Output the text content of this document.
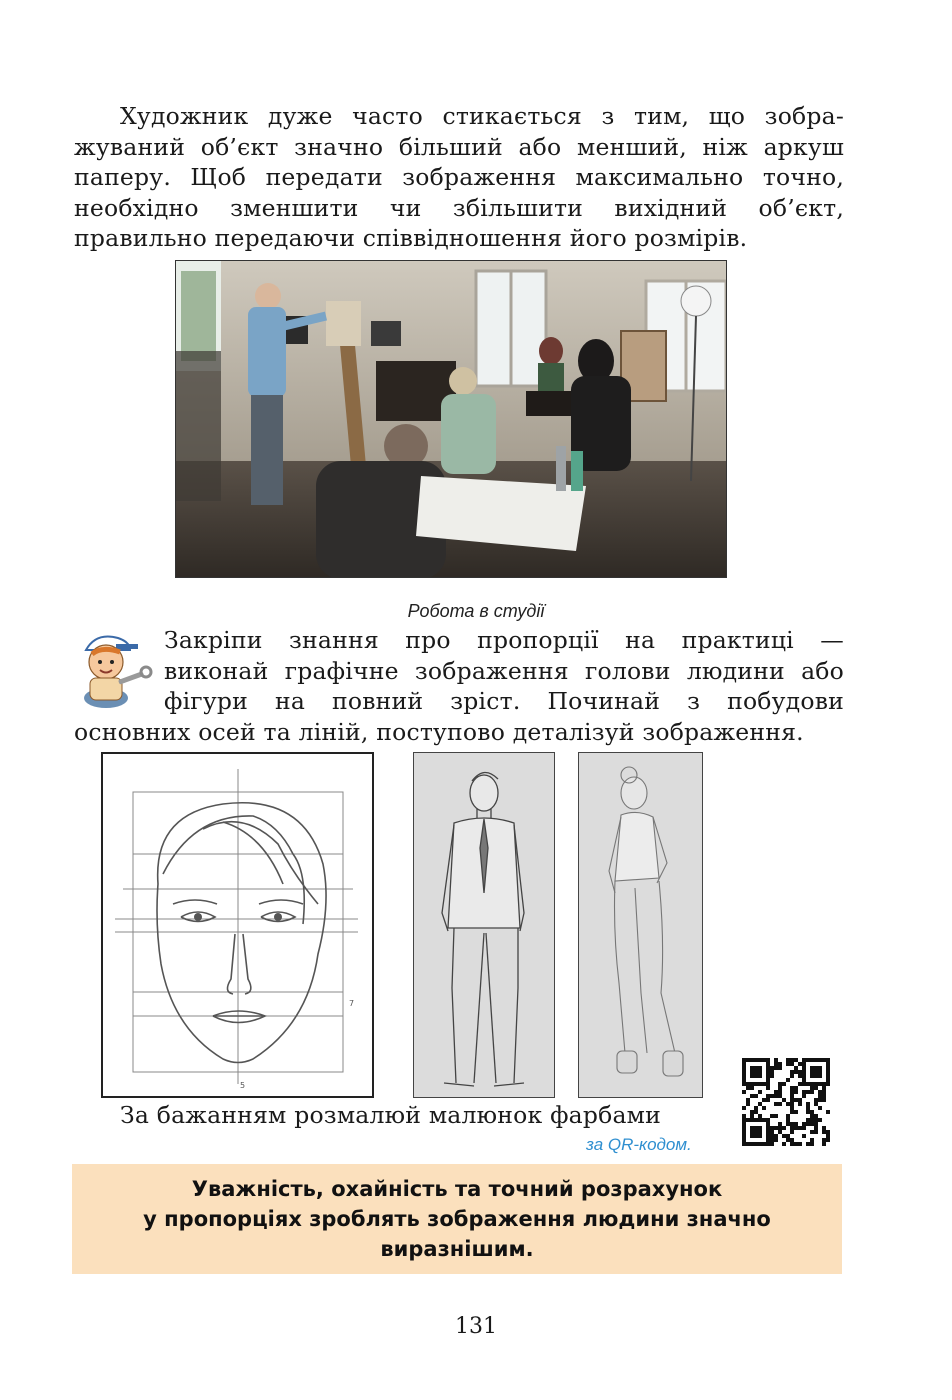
Художник дуже часто стикається з тим, що зобра-
жуваний об’єкт значно більший або менший, ніж аркуш
паперу. Щоб передати зображення максимально точно,
необхідно зменшити чи збільшити вихідний об’єкт,
правильно передаючи співвідношення його розмірів.
Робота в студії
Закріпи знання про пропорції на практиці —
виконай графічне зображення голови людини або
фігури на повний зріст. Починай з побудови
основних осей та ліній, поступово деталізуй зображення.
5
7
За бажанням розмалюй малюнок фарбами
за QR-кодом.
Уважність, охайність та точний розрахунок
у пропорціях зроблять зображення людини значно
виразнішим.
131
